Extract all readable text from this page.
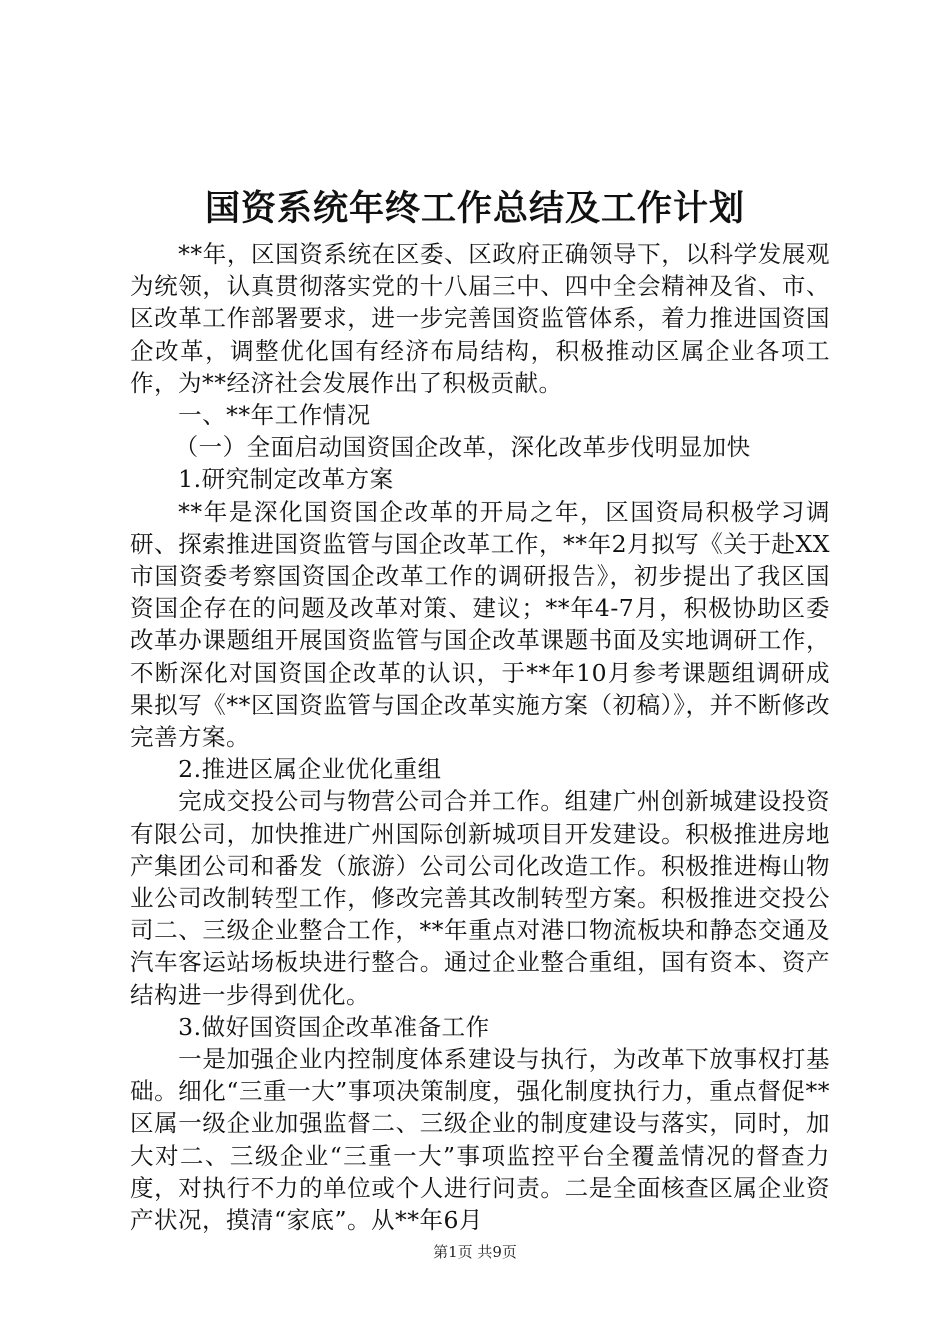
国资系统年终工作总结及工作计划

**年，区国资系统在区委、区政府正确领导下，以科学发展观为统领，认真贯彻落实党的十八届三中、四中全会精神及省、市、区改革工作部署要求，进一步完善国资监管体系，着力推进国资国企改革，调整优化国有经济布局结构，积极推动区属企业各项工作，为**经济社会发展作出了积极贡献。

一、**年工作情况

（一）全面启动国资国企改革，深化改革步伐明显加快

1.研究制定改革方案

**年是深化国资国企改革的开局之年，区国资局积极学习调研、探索推进国资监管与国企改革工作，**年2月拟写《关于赴XX市国资委考察国资国企改革工作的调研报告》，初步提出了我区国资国企存在的问题及改革对策、建议；**年4-7月，积极协助区委改革办课题组开展国资监管与国企改革课题书面及实地调研工作，不断深化对国资国企改革的认识，于**年10月参考课题组调研成果拟写《**区国资监管与国企改革实施方案（初稿）》，并不断修改完善方案。

2.推进区属企业优化重组

完成交投公司与物营公司合并工作。组建广州创新城建设投资有限公司，加快推进广州国际创新城项目开发建设。积极推进房地产集团公司和番发（旅游）公司公司化改造工作。积极推进梅山物业公司改制转型工作，修改完善其改制转型方案。积极推进交投公司二、三级企业整合工作，**年重点对港口物流板块和静态交通及汽车客运站场板块进行整合。通过企业整合重组，国有资本、资产结构进一步得到优化。

3.做好国资国企改革准备工作

一是加强企业内控制度体系建设与执行，为改革下放事权打基础。细化“三重一大”事项决策制度，强化制度执行力，重点督促**区属一级企业加强监督二、三级企业的制度建设与落实，同时，加大对二、三级企业“三重一大”事项监控平台全覆盖情况的督查力度，对执行不力的单位或个人进行问责。二是全面核查区属企业资产状况，摸清“家底”。从**年6月

第1页 共9页
